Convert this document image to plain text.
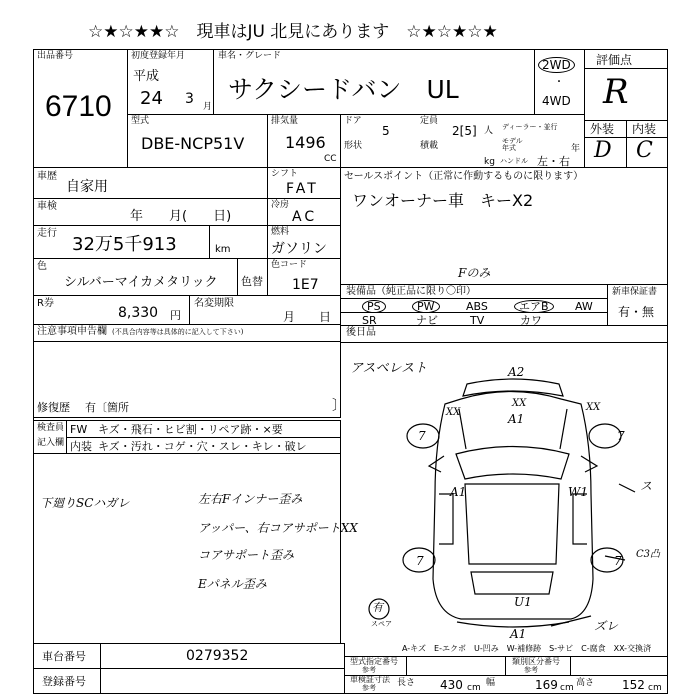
☆★☆★★☆　現車はJU 北見にあります　☆★☆★☆★
出品番号
6710
初度登録年月
平成
24 3 月
車名・グレード
サクシードバン　UL
2WD
・
4WD
評価点
R
外装 内装
D C
型式
DBE-NCP51V
排気量
1496
CC
ドア
5
定員
2[5] 人 ディーラー・並行
形状	積載	モデル年式	年
kg ハンドル 左・右
車歴
自家用
シフト
FAT
車検
年　　月(　　日)
冷房
AC
走行
32万5千913	km
燃料
ガソリン
色
シルバーマイカメタリック 色替
色コード
1E7
R券
8,330 円
名変期限
月　　日
セールスポイント（正常に作動するものに限ります）
ワンオーナー車　キーX2
Fのみ
装備品（純正品に限り〇印）
PS	PW	ABS	エアB	AW
SR	ナビ	TV	カワ
新車保証書
有・無
注意事項申告欄 (不具合内容等は具体的に記入して下さい)
修復歴 有〔箇所	〕
後日品
検査員
記入欄
FW キズ・飛石・ヒビ割・リペア跡・×要
内装 キズ・汚れ・コゲ・穴・スレ・キレ・破レ
アスベレスト
下廻りSCハガレ	左右Fインナー歪み
アッパー、右コアサポートXX
コアサポート歪み
Eパネル歪み
A2
XX
A1
XX	XX
7	7
A1	W1	ス
7	7 C3凸
U1
A1
ズレ
有
スペア
A-キズ　E-エクボ　U-凹み　W-補修跡　S-サビ　C-腐食　XX-交換済
車台番号	0279352
登録番号
型式指定番号
参考
類別区分番号
参考
車検証寸法
参考 長さ 430 cm 幅	169 cm 高さ 152 cm
